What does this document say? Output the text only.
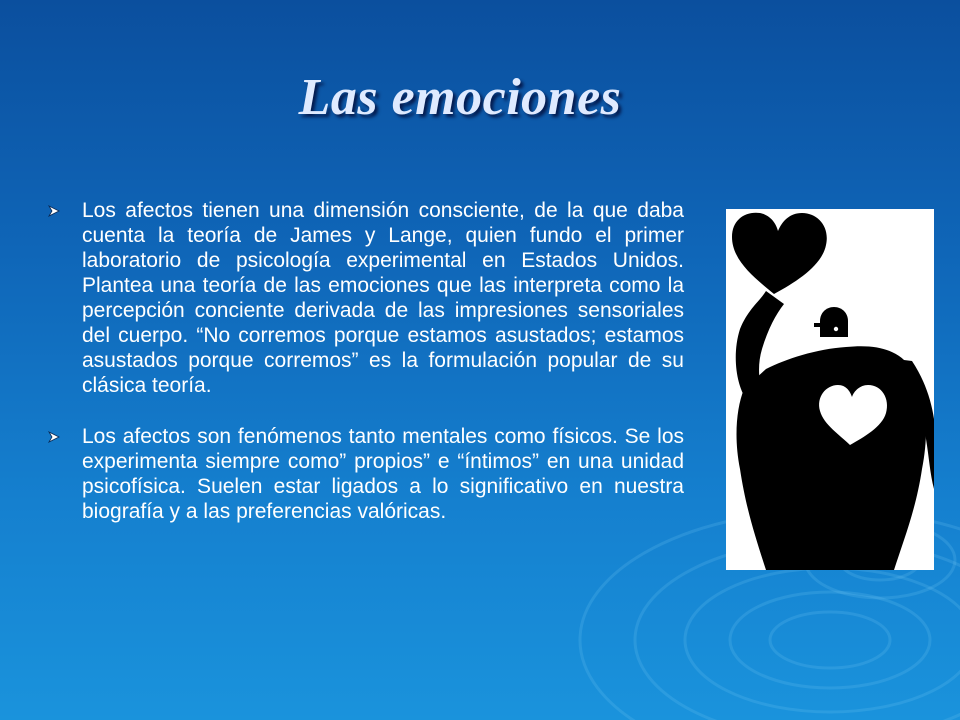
Las emociones
Los afectos tienen una dimensión consciente, de la que daba cuenta la teoría de James y Lange, quien fundo el primer laboratorio de psicología experimental en Estados Unidos. Plantea una teoría de las emociones que las interpreta como la percepción conciente derivada de las impresiones sensoriales del cuerpo. “No corremos porque estamos asustados; estamos asustados porque corremos” es la formulación popular de su clásica teoría.
Los afectos son fenómenos tanto mentales como físicos. Se los experimenta siempre como” propios” e “íntimos” en una unidad psicofísica. Suelen estar ligados a lo significativo en nuestra biografía y a las preferencias valóricas.
